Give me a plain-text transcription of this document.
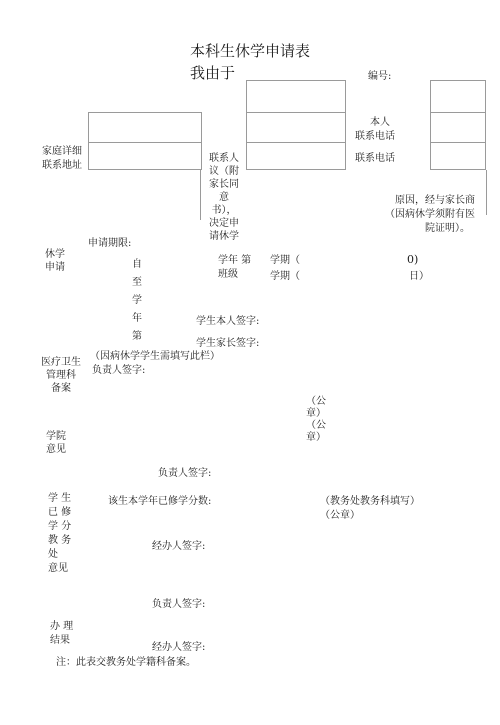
本科生休学申请表
我由于	编号:
本人
联系电话
家庭详细
联系地址
联系电话
联系人
议（附
家长同
意
书），
决定申
请休学
原因，经与家长商
（因病休学须附有医
院证明）。
休学
申请
申请期限:
自
至
学
年
第
学年 第
班级
学期（
学期（
0)
日）
学生本人签字:
学生家长签字:
医疗卫生
管理科
备案
（因病休学学生需填写此栏）
负责人签字:
（公
章）
（公
章）
学院
意见
负责人签字:
学 生
已 修
学 分
教 务
处
意见
该生本学年已修学分数:	（教务处教务科填写）
（公章）
经办人签字:
负责人签字:
办 理
结果
经办人签字:
注：此表交教务处学籍科备案。
